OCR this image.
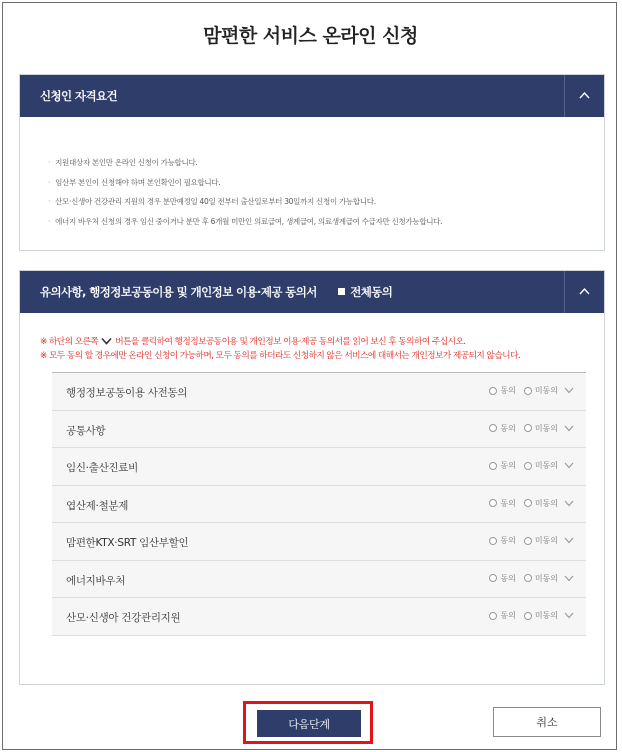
맘편한 서비스 온라인 신청
신청인 자격요건
· 지원대상자 본인만 온라인 신청이 가능합니다.
· 임산부 본인이 신청해야 하며 본인확인이 필요합니다.
· 산모·신생아 건강관리 지원의 경우 분만예정일 40일 전부터 출산일로부터 30일까지 신청이 가능합니다.
· 에너지 바우처 신청의 경우 임신 중이거나 분만 후 6개월 미만인 의료급여, 생계급여, 의료생계급여 수급자만 신청가능합니다.
유의사항, 행정정보공동이용 및 개인정보 이용·제공 동의서	전체동의

※ 하단의 오른쪽 버튼을 클릭하여 행정정보공동이용 및 개인정보 이용·제공 동의서를 읽어 보신 후 동의하여 주십시오.

※ 모두 동의 할 경우에만 온라인 신청이 가능하며, 모두 동의를 하더라도 신청하지 않은 서비스에 대해서는 개인정보가 제공되지 않습니다.

행정정보공동이용 사전동의	동의 미동의
공통사항	동의 미동의
임신·출산진료비	동의 미동의
엽산제·철분제	동의 미동의
맘편한KTX·SRT 임산부할인	동의 미동의
에너지바우처	동의 미동의
산모·신생아 건강관리지원	동의 미동의
다음단계	취소
